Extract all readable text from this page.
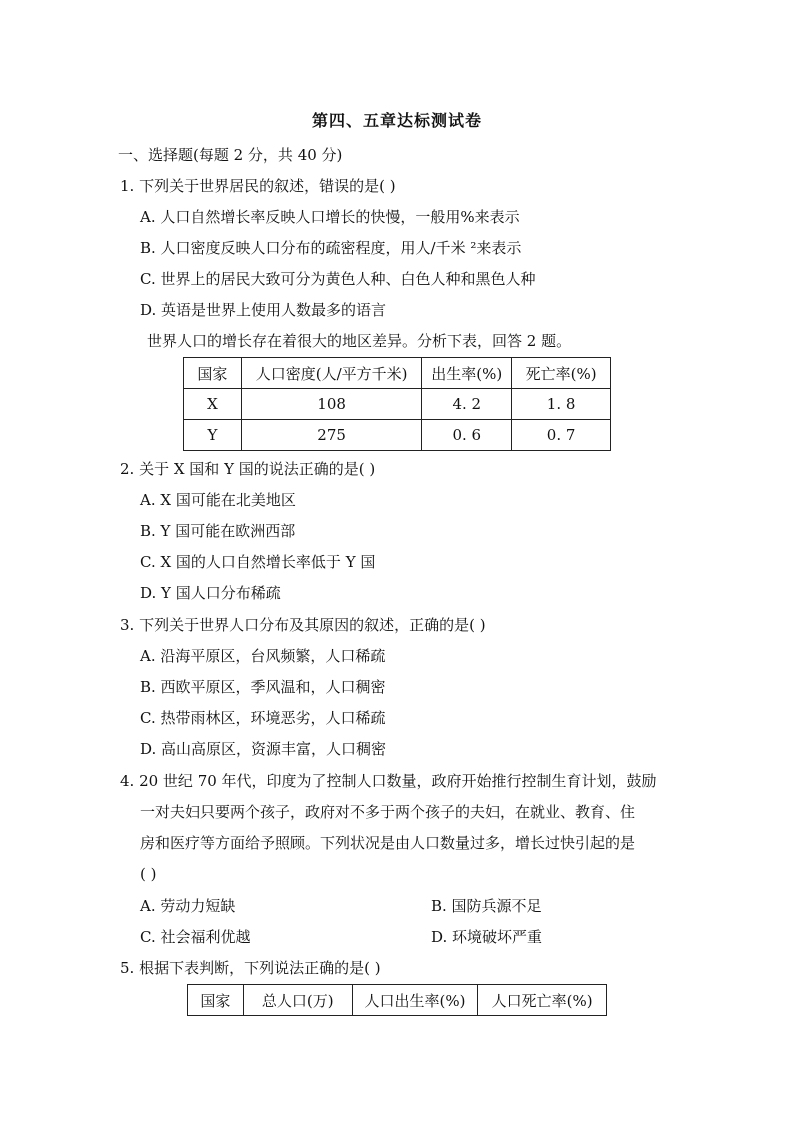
第四、五章达标测试卷
一、选择题(每题 2 分，共 40 分)
1. 下列关于世界居民的叙述，错误的是( )
A. 人口自然增长率反映人口增长的快慢，一般用%来表示
B. 人口密度反映人口分布的疏密程度，用人/千米 ²来表示
C. 世界上的居民大致可分为黄色人种、白色人种和黑色人种
D. 英语是世界上使用人数最多的语言
世界人口的增长存在着很大的地区差异。分析下表，回答 2 题。
国家	人口密度(人/平方千米)	出生率(%)	死亡率(%)
X	108	4. 2	1. 8
Y	275	0. 6	0. 7
2. 关于 X 国和 Y 国的说法正确的是( )
A. X 国可能在北美地区
B. Y 国可能在欧洲西部
C. X 国的人口自然增长率低于 Y 国
D. Y 国人口分布稀疏
3. 下列关于世界人口分布及其原因的叙述，正确的是( )
A. 沿海平原区，台风频繁，人口稀疏
B. 西欧平原区，季风温和，人口稠密
C. 热带雨林区，环境恶劣，人口稀疏
D. 高山高原区，资源丰富，人口稠密
4. 20 世纪 70 年代，印度为了控制人口数量，政府开始推行控制生育计划，鼓励
一对夫妇只要两个孩子，政府对不多于两个孩子的夫妇，在就业、教育、住
房和医疗等方面给予照顾。下列状况是由人口数量过多，增长过快引起的是
( )
A. 劳动力短缺	B. 国防兵源不足
C. 社会福利优越	D. 环境破坏严重
5. 根据下表判断，下列说法正确的是( )
国家	总人口(万)	人口出生率(%)	人口死亡率(%)
